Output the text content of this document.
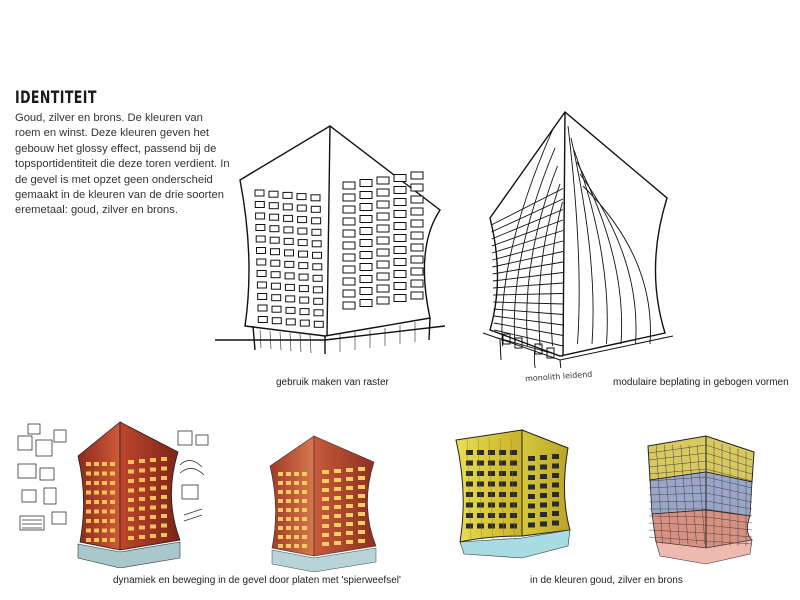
IDENTITEIT
Goud, zilver en brons. De kleuren van roem en winst. Deze kleuren geven het gebouw het glossy effect, passend bij de topsportidentiteit die deze toren verdient. In de gevel is met opzet geen onderscheid gemaakt in de kleuren van de drie soorten eremetaal: goud, zilver en brons.
monolith leidend
gebruik maken van raster	modulaire beplating in gebogen vormen
dynamiek en beweging in de gevel door platen met 'spierweefsel'	in de kleuren goud, zilver en brons
